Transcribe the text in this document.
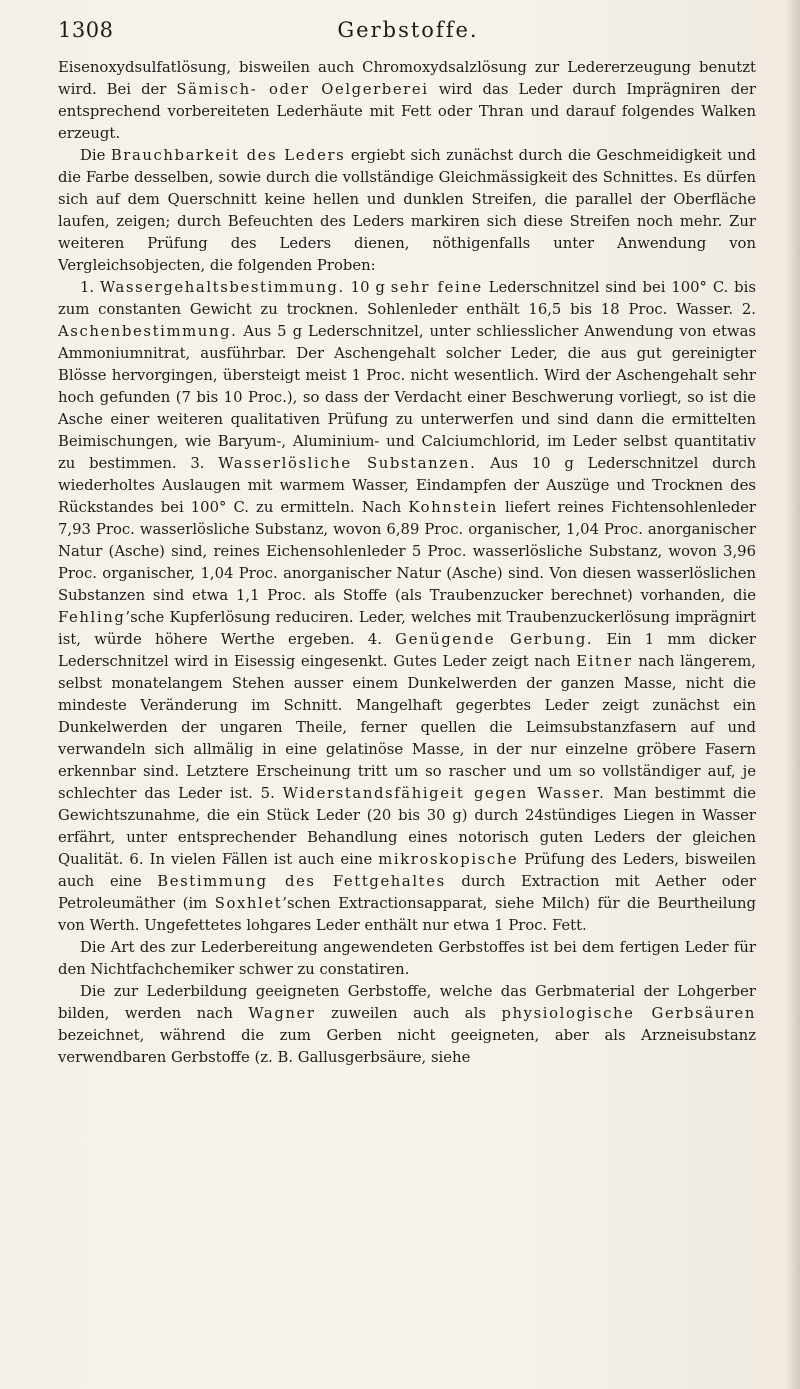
1308	Gerbstoffe.

Eisenoxydsulfatlösung, bisweilen auch Chromoxydsalzlösung zur Ledererzeugung benutzt wird. Bei der Sämisch- oder Oelgerberei wird das Leder durch Imprägniren der entsprechend vorbereiteten Lederhäute mit Fett oder Thran und darauf folgendes Walken erzeugt.

Die Brauchbarkeit des Leders ergiebt sich zunächst durch die Geschmeidigkeit und die Farbe desselben, sowie durch die vollständige Gleichmässigkeit des Schnittes. Es dürfen sich auf dem Querschnitt keine hellen und dunklen Streifen, die parallel der Oberfläche laufen, zeigen; durch Befeuchten des Leders markiren sich diese Streifen noch mehr. Zur weiteren Prüfung des Leders dienen, nöthigenfalls unter Anwendung von Vergleichsobjecten, die folgenden Proben:

1. Wassergehaltsbestimmung. 10 g sehr feine Lederschnitzel sind bei 100° C. bis zum constanten Gewicht zu trocknen. Sohlenleder enthält 16,5 bis 18 Proc. Wasser. 2. Aschenbestimmung. Aus 5 g Lederschnitzel, unter schliesslicher Anwendung von etwas Ammoniumnitrat, ausführbar. Der Aschengehalt solcher Leder, die aus gut gereinigter Blösse hervorgingen, übersteigt meist 1 Proc. nicht wesentlich. Wird der Aschengehalt sehr hoch gefunden (7 bis 10 Proc.), so dass der Verdacht einer Beschwerung vorliegt, so ist die Asche einer weiteren qualitativen Prüfung zu unterwerfen und sind dann die ermittelten Beimischungen, wie Baryum-, Aluminium- und Calciumchlorid, im Leder selbst quantitativ zu bestimmen. 3. Wasserlösliche Substanzen. Aus 10 g Lederschnitzel durch wiederholtes Auslaugen mit warmem Wasser, Eindampfen der Auszüge und Trocknen des Rückstandes bei 100° C. zu ermitteln. Nach Kohnstein liefert reines Fichtensohlenleder 7,93 Proc. wasserlösliche Substanz, wovon 6,89 Proc. organischer, 1,04 Proc. anorganischer Natur (Asche) sind, reines Eichensohlenleder 5 Proc. wasserlösliche Substanz, wovon 3,96 Proc. organischer, 1,04 Proc. anorganischer Natur (Asche) sind. Von diesen wasserlöslichen Substanzen sind etwa 1,1 Proc. als Stoffe (als Traubenzucker berechnet) vorhanden, die Fehling’sche Kupferlösung reduciren. Leder, welches mit Traubenzuckerlösung imprägnirt ist, würde höhere Werthe ergeben. 4. Genügende Gerbung. Ein 1 mm dicker Lederschnitzel wird in Eisessig eingesenkt. Gutes Leder zeigt nach Eitner nach längerem, selbst monatelangem Stehen ausser einem Dunkelwerden der ganzen Masse, nicht die mindeste Veränderung im Schnitt. Mangelhaft gegerbtes Leder zeigt zunächst ein Dunkelwerden der ungaren Theile, ferner quellen die Leimsubstanzfasern auf und verwandeln sich allmälig in eine gelatinöse Masse, in der nur einzelne gröbere Fasern erkennbar sind. Letztere Erscheinung tritt um so rascher und um so vollständiger auf, je schlechter das Leder ist. 5. Widerstandsfähigeit gegen Wasser. Man bestimmt die Gewichtszunahme, die ein Stück Leder (20 bis 30 g) durch 24stündiges Liegen in Wasser erfährt, unter entsprechender Behandlung eines notorisch guten Leders der gleichen Qualität. 6. In vielen Fällen ist auch eine mikroskopische Prüfung des Leders, bisweilen auch eine Bestimmung des Fettgehaltes durch Extraction mit Aether oder Petroleumäther (im Soxhlet’schen Extractionsapparat, siehe Milch) für die Beurtheilung von Werth. Ungefettetes lohgares Leder enthält nur etwa 1 Proc. Fett.

Die Art des zur Lederbereitung angewendeten Gerbstoffes ist bei dem fertigen Leder für den Nichtfachchemiker schwer zu constatiren.

Die zur Lederbildung geeigneten Gerbstoffe, welche das Gerbmaterial der Lohgerber bilden, werden nach Wagner zuweilen auch als physiologische Gerbsäuren bezeichnet, während die zum Gerben nicht geeigneten, aber als Arzneisubstanz verwendbaren Gerbstoffe (z. B. Gallusgerbsäure, siehe
